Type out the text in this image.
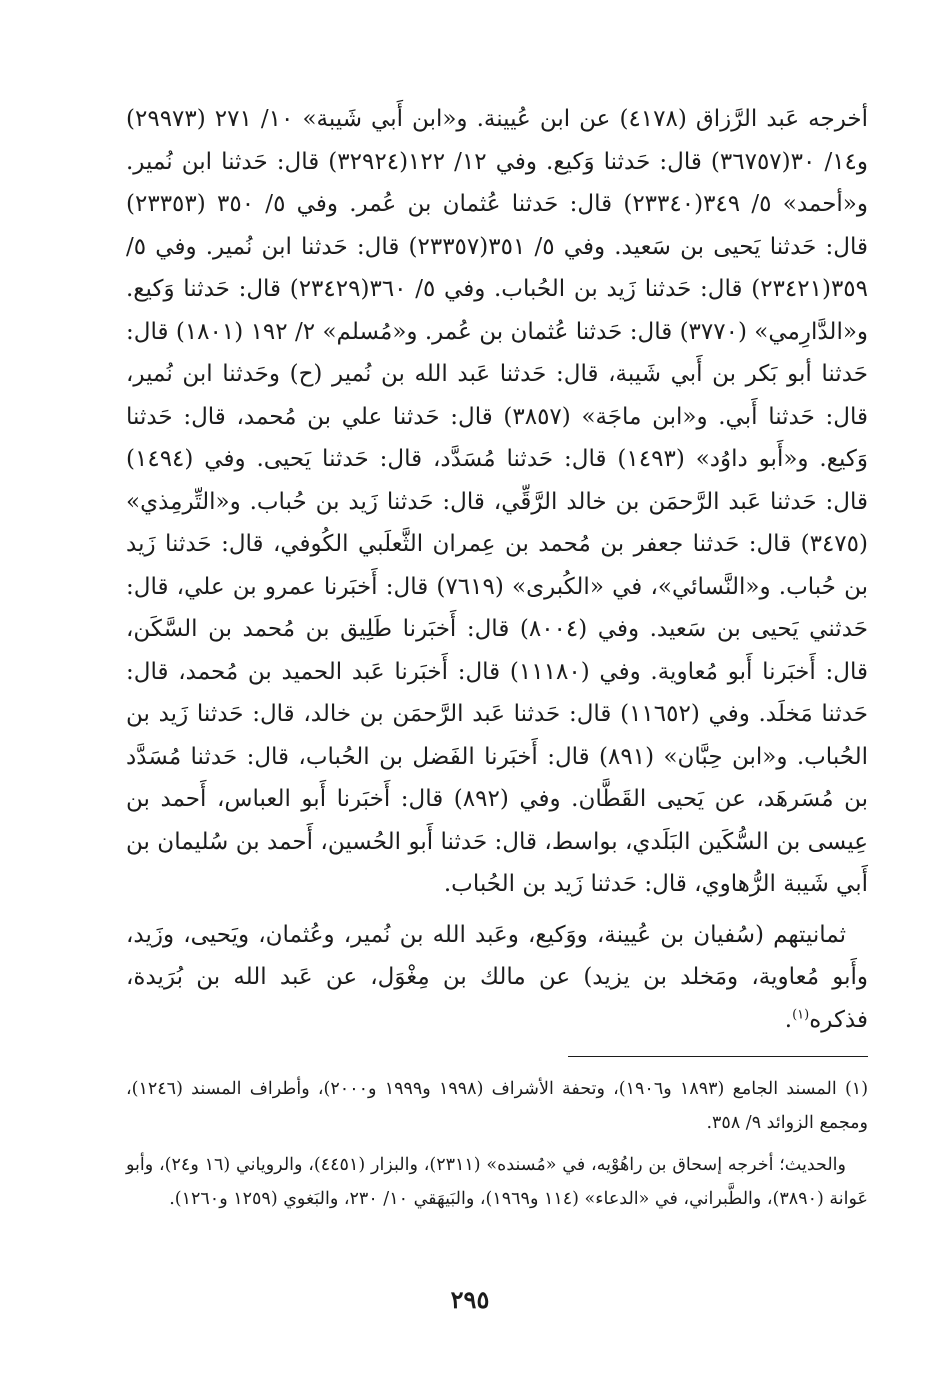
أخرجه عَبد الرَّزاق (٤١٧٨) عن ابن عُيينة. و«ابن أَبي شَيبة» ١٠/ ٢٧١ (٢٩٩٧٣) و١٤/ ٣٠(٣٦٧٥٧) قال: حَدثنا وَكيع. وفي ١٢/ ١٢٢(٣٢٩٢٤) قال: حَدثنا ابن نُمير. و«أحمد» ٥/ ٣٤٩(٢٣٣٤٠) قال: حَدثنا عُثمان بن عُمر. وفي ٥/ ٣٥٠ (٢٣٣٥٣) قال: حَدثنا يَحيى بن سَعيد. وفي ٥/ ٣٥١(٢٣٣٥٧) قال: حَدثنا ابن نُمير. وفي ٥/ ٣٥٩(٢٣٤٢١) قال: حَدثنا زَيد بن الحُباب. وفي ٥/ ٣٦٠(٢٣٤٢٩) قال: حَدثنا وَكيع. و«الدَّارِمي» (٣٧٧٠) قال: حَدثنا عُثمان بن عُمر. و«مُسلم» ٢/ ١٩٢ (١٨٠١) قال: حَدثنا أبو بَكر بن أَبي شَيبة، قال: حَدثنا عَبد الله بن نُمير (ح) وحَدثنا ابن نُمير، قال: حَدثنا أَبي. و«ابن ماجَة» (٣٨٥٧) قال: حَدثنا علي بن مُحمد، قال: حَدثنا وَكيع. و«أَبو داوُد» (١٤٩٣) قال: حَدثنا مُسَدَّد، قال: حَدثنا يَحيى. وفي (١٤٩٤) قال: حَدثنا عَبد الرَّحمَن بن خالد الرَّقِّي، قال: حَدثنا زَيد بن حُباب. و«التِّرمِذي» (٣٤٧٥) قال: حَدثنا جعفر بن مُحمد بن عِمران الثَّعلَبي الكُوفي، قال: حَدثنا زَيد بن حُباب. و«النَّسائي»، في «الكُبرى» (٧٦١٩) قال: أَخبَرنا عمرو بن علي، قال: حَدثني يَحيى بن سَعيد. وفي (٨٠٠٤) قال: أَخبَرنا طَلِيق بن مُحمد بن السَّكَن، قال: أَخبَرنا أَبو مُعاوية. وفي (١١١٨٠) قال: أَخبَرنا عَبد الحميد بن مُحمد، قال: حَدثنا مَخلَد. وفي (١١٦٥٢) قال: حَدثنا عَبد الرَّحمَن بن خالد، قال: حَدثنا زَيد بن الحُباب. و«ابن حِبَّان» (٨٩١) قال: أَخبَرنا الفَضل بن الحُباب، قال: حَدثنا مُسَدَّد بن مُسَرهَد، عن يَحيى القَطَّان. وفي (٨٩٢) قال: أَخبَرنا أَبو العباس، أَحمد بن عِيسى بن السُّكَين البَلَدي، بواسط، قال: حَدثنا أَبو الحُسين، أَحمد بن سُليمان بن أَبي شَيبة الرُّهاوي، قال: حَدثنا زَيد بن الحُباب.

ثمانيتهم (سُفيان بن عُيينة، ووَكيع، وعَبد الله بن نُمير، وعُثمان، ويَحيى، وزَيد، وأَبو مُعاوية، ومَخلد بن يزيد) عن مالك بن مِغْوَل، عن عَبد الله بن بُرَيدة، فذكره$^{(١)}$.

(١) المسند الجامع (١٨٩٣ و١٩٠٦)، وتحفة الأشراف (١٩٩٨ و١٩٩٩ و٢٠٠٠)، وأطراف المسند (١٢٤٦)، ومجمع الزوائد ٩/ ٣٥٨.

والحديث؛ أخرجه إسحاق بن راهُوْيه، في «مُسنده» (٢٣١١)، والبزار (٤٤٥١)، والروياني (١٦ و٢٤)، وأبو عَوانة (٣٨٩٠)، والطَّبراني، في «الدعاء» (١١٤ و١٩٦٩)، والبَيهَقي ١٠/ ٢٣٠، والبَغوي (١٢٥٩ و١٢٦٠).

٢٩٥
